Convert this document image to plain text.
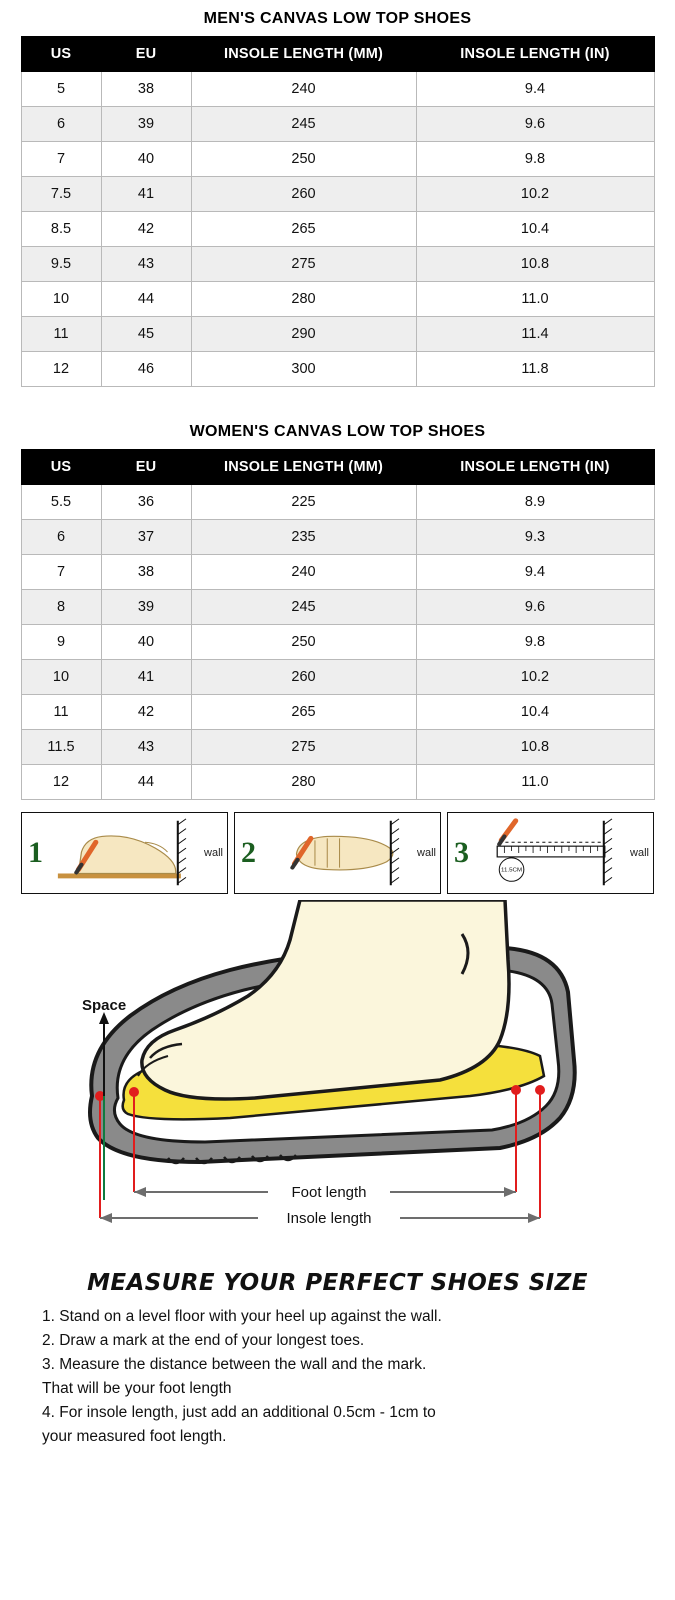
MEN'S CANVAS LOW TOP SHOES
US	EU	INSOLE LENGTH (MM)	INSOLE LENGTH (IN)
5	38	240	9.4
6	39	245	9.6
7	40	250	9.8
7.5	41	260	10.2
8.5	42	265	10.4
9.5	43	275	10.8
10	44	280	11.0
11	45	290	11.4
12	46	300	11.8
WOMEN'S CANVAS LOW TOP SHOES
US	EU	INSOLE LENGTH (MM)	INSOLE LENGTH (IN)
5.5	36	225	8.9
6	37	235	9.3
7	38	240	9.4
8	39	245	9.6
9	40	250	9.8
10	41	260	10.2
11	42	265	10.4
11.5	43	275	10.8
12	44	280	11.0
1	wall 2	wall 3
11.5CM
wall
Foot length
Insole length
Space
MEASURE YOUR PERFECT SHOES SIZE
1. Stand on a level floor with your heel up against the wall.
2. Draw a mark at the end of your longest toes.
3. Measure the distance between the wall and the mark.
That will be your foot length
4. For insole length, just add an additional 0.5cm - 1cm to
your measured foot length.
